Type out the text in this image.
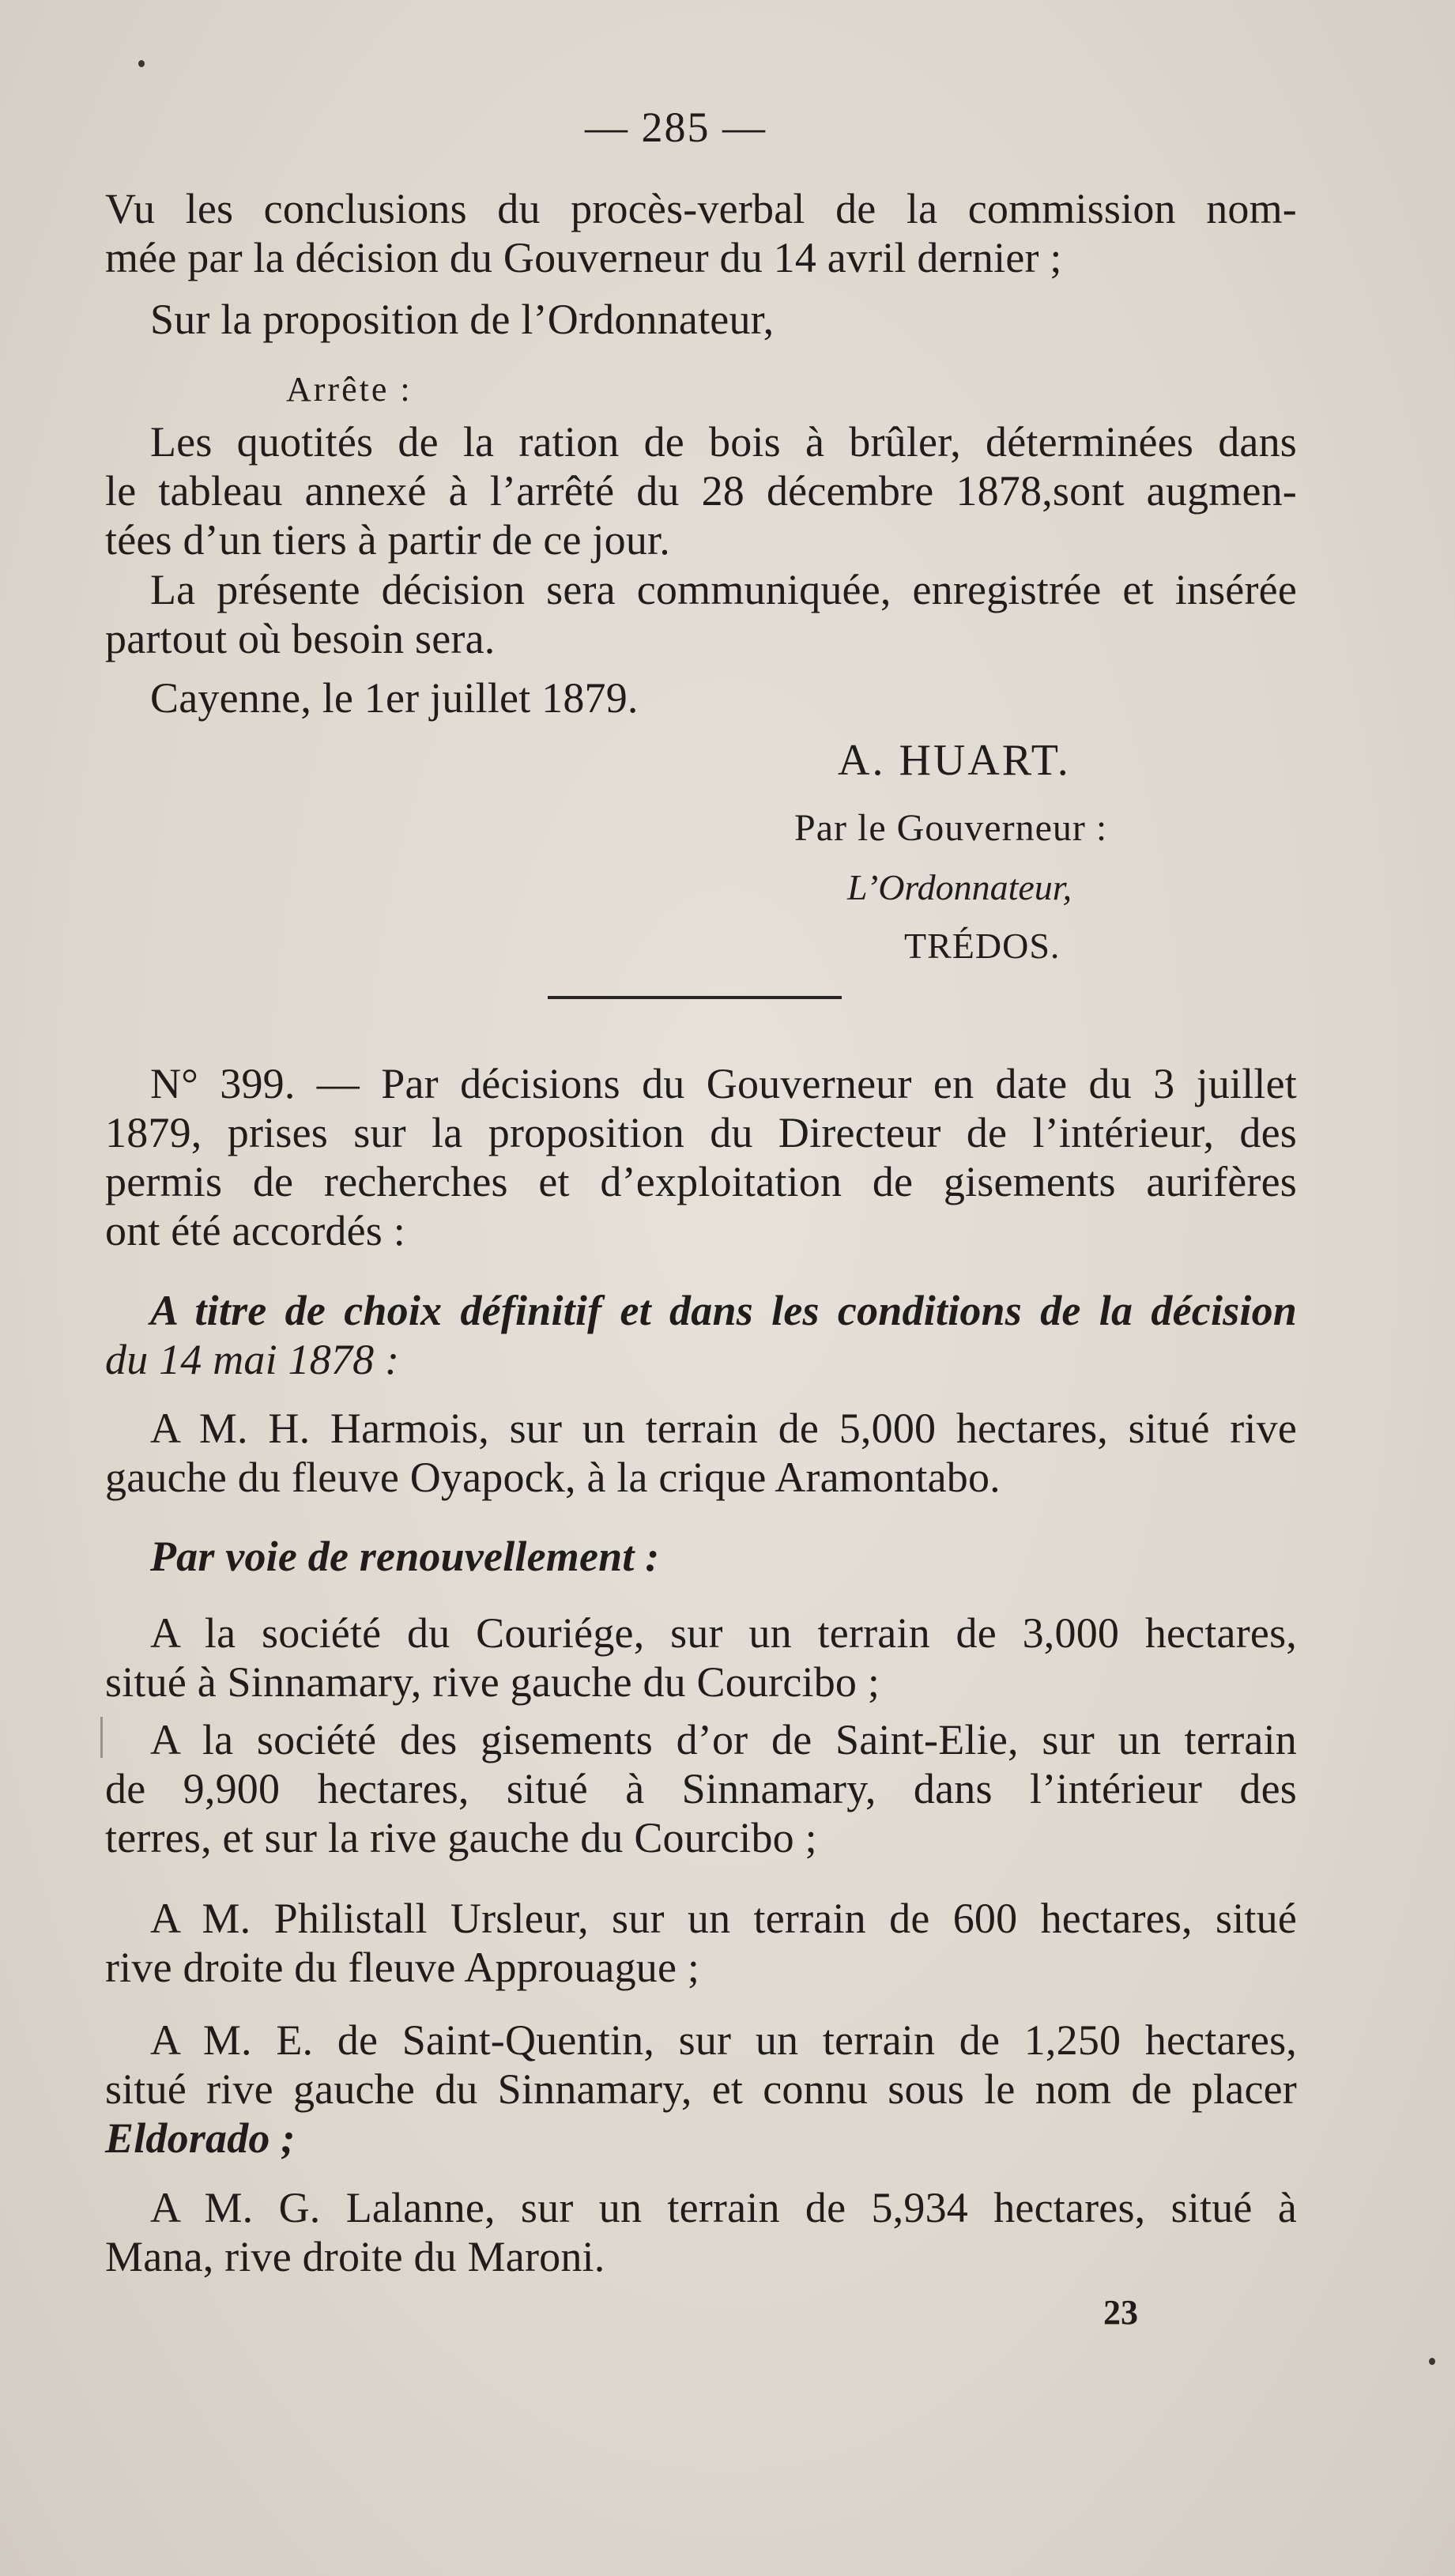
— 285 —
Vu les conclusions du procès-verbal de la commission nom-
mée par la décision du Gouverneur du 14 avril dernier ;
Sur la proposition de l’Ordonnateur,
Arrête :
Les quotités de la ration de bois à brûler, déterminées dans
le tableau annexé à l’arrêté du 28 décembre 1878,sont augmen-
tées d’un tiers à partir de ce jour.
La présente décision sera communiquée, enregistrée et insérée
partout où besoin sera.
Cayenne, le 1er juillet 1879.
A. HUART.
Par le Gouverneur :
L’Ordonnateur,
TRÉDOS.
N° 399. — Par décisions du Gouverneur en date du 3 juillet
1879, prises sur la proposition du Directeur de l’intérieur, des
permis de recherches et d’exploitation de gisements aurifères
ont été accordés :
A titre de choix définitif et dans les conditions de la décision
du 14 mai 1878 :
A M. H. Harmois, sur un terrain de 5,000 hectares, situé rive
gauche du fleuve Oyapock, à la crique Aramontabo.
Par voie de renouvellement :
A la société du Couriége, sur un terrain de 3,000 hectares,
situé à Sinnamary, rive gauche du Courcibo ;
A la société des gisements d’or de Saint-Elie, sur un terrain
de 9,900 hectares, situé à Sinnamary, dans l’intérieur des
terres, et sur la rive gauche du Courcibo ;
A M. Philistall Ursleur, sur un terrain de 600 hectares, situé
rive droite du fleuve Approuague ;
A M. E. de Saint-Quentin, sur un terrain de 1,250 hectares,
situé rive gauche du Sinnamary, et connu sous le nom de placer
Eldorado ;
A M. G. Lalanne, sur un terrain de 5,934 hectares, situé à
Mana, rive droite du Maroni.
23
